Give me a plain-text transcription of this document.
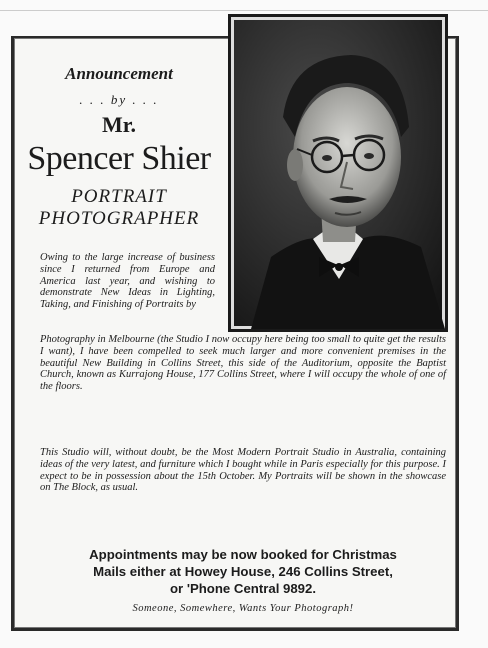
Announcement
. . . by . . .
Mr.
Spencer Shier
PORTRAIT
PHOTOGRAPHER
Owing to the large increase of business since I returned from Europe and America last year, and wishing to demonstrate New Ideas in Lighting, Taking, and Finishing of Portraits by
Photography in Melbourne (the Studio I now occupy here being too small to quite get the results I want), I have been compelled to seek much larger and more convenient premises in the beautiful New Building in Collins Street, this side of the Auditorium, opposite the Baptist Church, known as Kurrajong House, 177 Collins Street, where I will occupy the whole of one of the floors.
This Studio will, without doubt, be the Most Modern Portrait Studio in Australia, containing ideas of the very latest, and furniture which I bought while in Paris especially for this purpose. I expect to be in possession about the 15th October. My Portraits will be shown in the showcase on The Block, as usual.
Appointments may be now booked for Christmas
Mails either at Howey House, 246 Collins Street,
or 'Phone Central 9892.
Someone, Somewhere, Wants Your Photograph!
